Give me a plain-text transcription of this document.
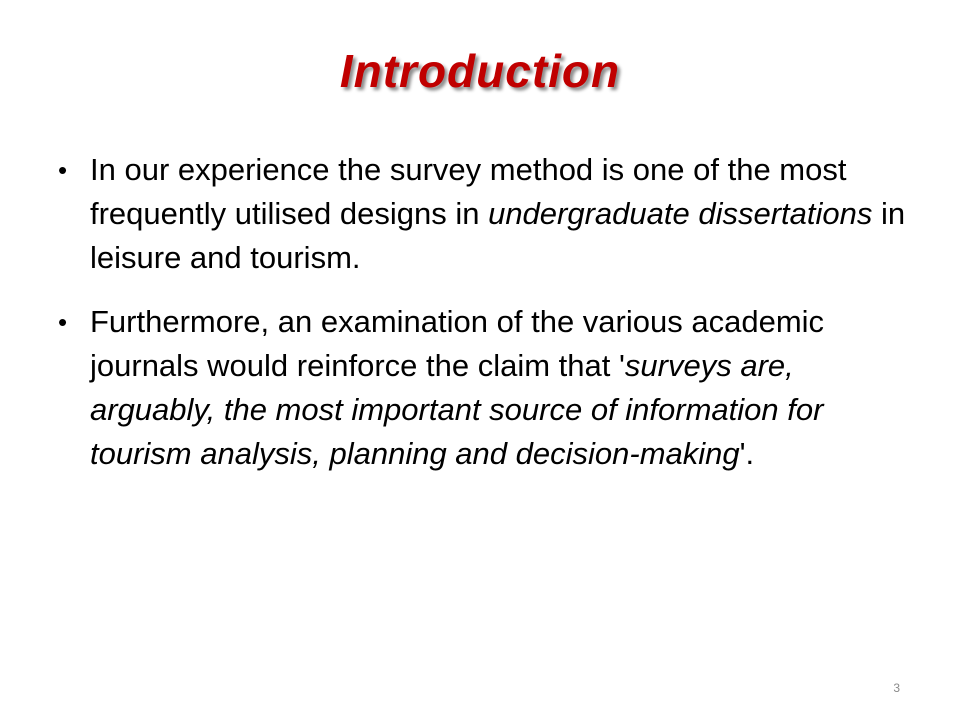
Introduction
• In our experience the survey method is one of the most frequently utilised designs in undergraduate dissertations in leisure and tourism.
• Furthermore, an examination of the various academic journals would reinforce the claim that 'surveys are, arguably, the most important source of information for tourism analysis, planning and decision-making'.
3
